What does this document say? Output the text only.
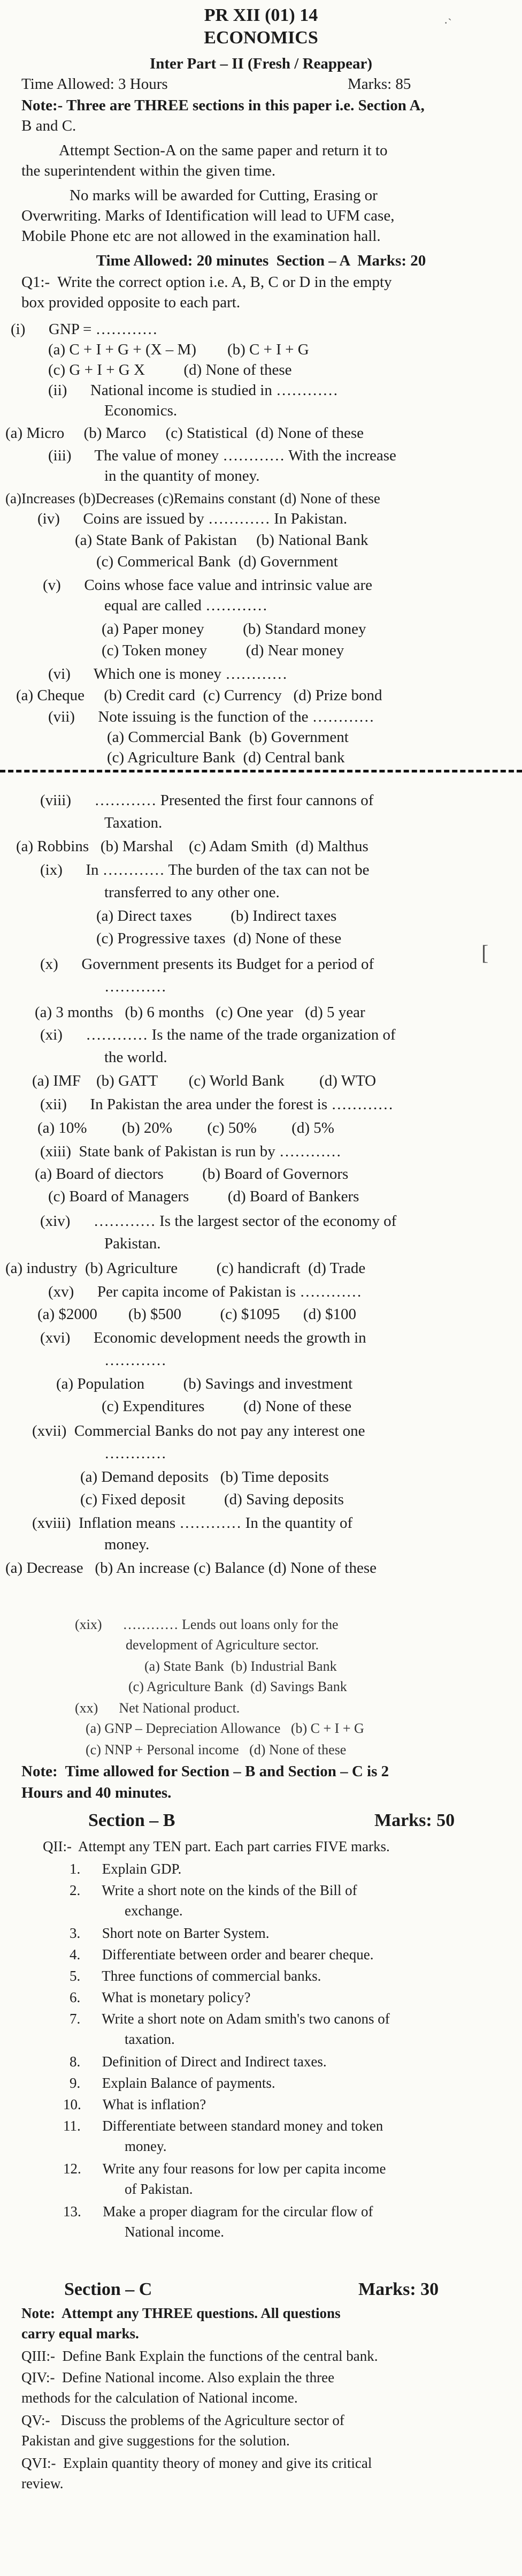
PR XII (01) 14
ECONOMICS
Inter Part – II (Fresh / Reappear)
Time Allowed: 3 Hours	Marks: 85
Note:- Three are THREE sections in this paper i.e. Section A,
B and C.
Attempt Section-A on the same paper and return it to
the superintendent within the given time.
No marks will be awarded for Cutting, Erasing or
Overwriting. Marks of Identification will lead to UFM case,
Mobile Phone etc are not allowed in the examination hall.
Time Allowed: 20 minutes  Section – A  Marks: 20
Q1:-  Write the correct option i.e. A, B, C or D in the empty
box provided opposite to each part.
(i)      GNP = …………
(a) C + I + G + (X – M)        (b) C + I + G
(c) G + I + G X          (d) None of these
(ii)      National income is studied in …………
Economics.
(a) Micro     (b) Marco     (c) Statistical  (d) None of these
(iii)      The value of money ………… With the increase
in the quantity of money.
(a)Increases (b)Decreases (c)Remains constant (d) None of these
(iv)      Coins are issued by ………… In Pakistan.
(a) State Bank of Pakistan     (b) National Bank
(c) Commerical Bank  (d) Government
(v)      Coins whose face value and intrinsic value are
equal are called …………
(a) Paper money          (b) Standard money
(c) Token money          (d) Near money
(vi)      Which one is money …………
(a) Cheque     (b) Credit card  (c) Currency   (d) Prize bond
(vii)      Note issuing is the function of the …………
(a) Commercial Bank  (b) Government
(c) Agriculture Bank  (d) Central bank
(viii)      ………… Presented the first four cannons of
Taxation.
(a) Robbins   (b) Marshal    (c) Adam Smith  (d) Malthus
(ix)      In ………… The burden of the tax can not be
transferred to any other one.
(a) Direct taxes          (b) Indirect taxes
(c) Progressive taxes  (d) None of these
(x)      Government presents its Budget for a period of
…………
(a) 3 months   (b) 6 months   (c) One year   (d) 5 year
(xi)      ………… Is the name of the trade organization of
the world.
(a) IMF    (b) GATT        (c) World Bank         (d) WTO
(xii)      In Pakistan the area under the forest is …………
(a) 10%         (b) 20%         (c) 50%         (d) 5%
(xiii)  State bank of Pakistan is run by …………
(a) Board of diectors          (b) Board of Governors
(c) Board of Managers          (d) Board of Bankers
(xiv)      ………… Is the largest sector of the economy of
Pakistan.
(a) industry  (b) Agriculture          (c) handicraft  (d) Trade
(xv)      Per capita income of Pakistan is …………
(a) $2000        (b) $500          (c) $1095      (d) $100
(xvi)      Economic development needs the growth in
…………
(a) Population          (b) Savings and investment
(c) Expenditures          (d) None of these
(xvii)  Commercial Banks do not pay any interest one
…………
(a) Demand deposits   (b) Time deposits
(c) Fixed deposit          (d) Saving deposits
(xviii)  Inflation means ………… In the quantity of
money.
(a) Decrease   (b) An increase (c) Balance (d) None of these
(xix)      ………… Lends out loans only for the
development of Agriculture sector.
(a) State Bank  (b) Industrial Bank
(c) Agriculture Bank  (d) Savings Bank
(xx)      Net National product.
(a) GNP – Depreciation Allowance   (b) C + I + G
(c) NNP + Personal income   (d) None of these
Note:  Time allowed for Section – B and Section – C is 2
Hours and 40 minutes.
Section – B	Marks: 50
QII:-  Attempt any TEN part. Each part carries FIVE marks.
1.      Explain GDP.
2.      Write a short note on the kinds of the Bill of
exchange.
3.      Short note on Barter System.
4.      Differentiate between order and bearer cheque.
5.      Three functions of commercial banks.
6.      What is monetary policy?
7.      Write a short note on Adam smith's two canons of
taxation.
8.      Definition of Direct and Indirect taxes.
9.      Explain Balance of payments.
10.      What is inflation?
11.      Differentiate between standard money and token
money.
12.      Write any four reasons for low per capita income
of Pakistan.
13.      Make a proper diagram for the circular flow of
National income.
Section – C	Marks: 30
Note:  Attempt any THREE questions. All questions
carry equal marks.
QIII:-  Define Bank Explain the functions of the central bank.
QIV:-  Define National income. Also explain the three
methods for the calculation of National income.
QV:-   Discuss the problems of the Agriculture sector of
Pakistan and give suggestions for the solution.
QVI:-  Explain quantity theory of money and give its critical
review.
·ˋ
[
